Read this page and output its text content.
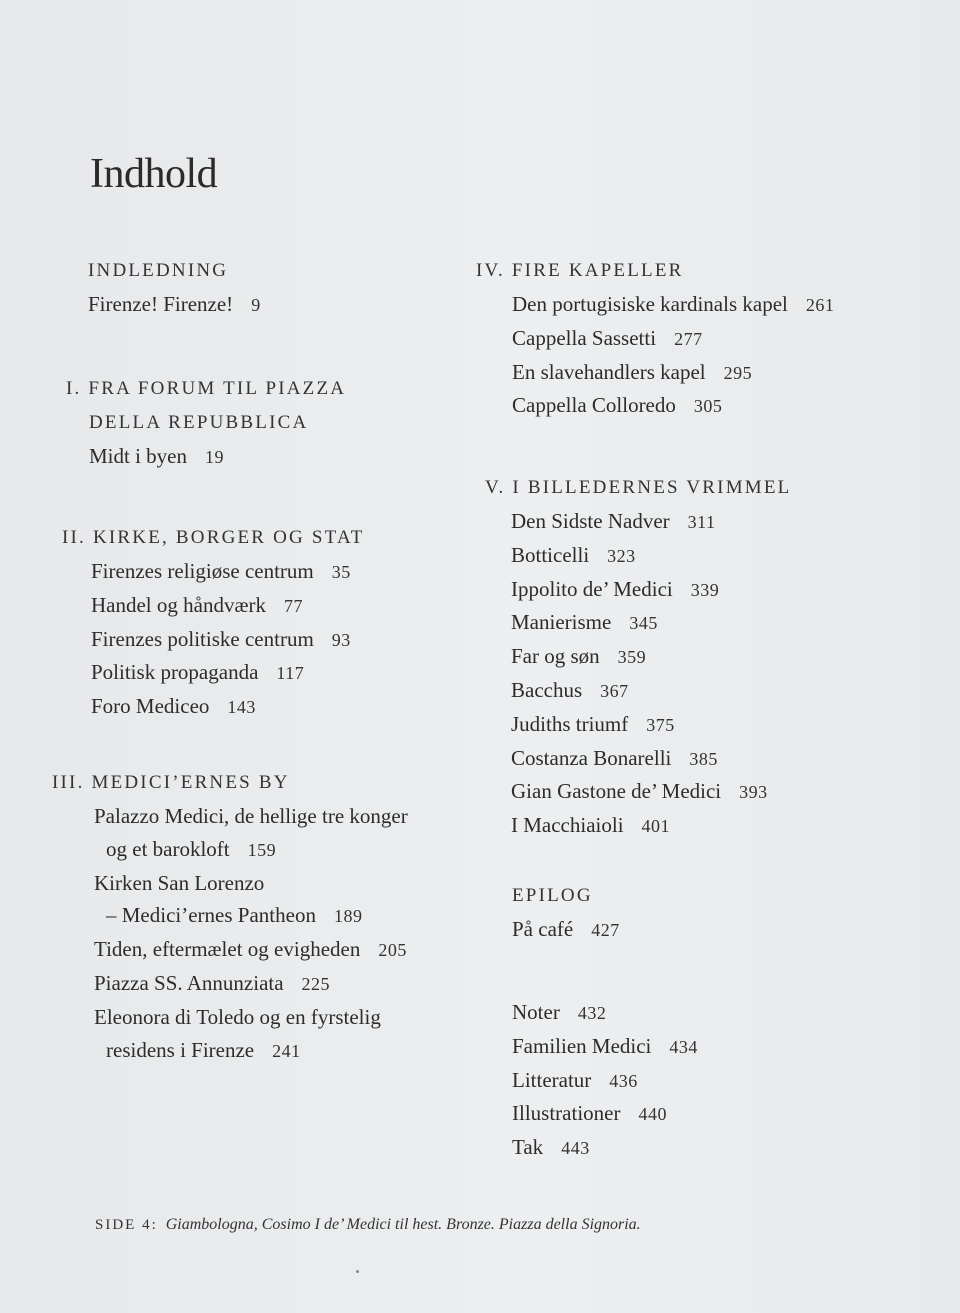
Indhold
INDLEDNING
Firenze! Firenze! 9
I. FRA FORUM TIL PIAZZA
DELLA REPUBBLICA
Midt i byen 19
II. KIRKE, BORGER OG STAT
Firenzes religiøse centrum 35
Handel og håndværk 77
Firenzes politiske centrum 93
Politisk propaganda 117
Foro Mediceo 143
III. MEDICI’ERNES BY
Palazzo Medici, de hellige tre konger
og et barokloft 159
Kirken San Lorenzo
– Medici’ernes Pantheon 189
Tiden, eftermælet og evigheden 205
Piazza SS. Annunziata 225
Eleonora di Toledo og en fyrstelig
residens i Firenze 241
IV. FIRE KAPELLER
Den portugisiske kardinals kapel 261
Cappella Sassetti 277
En slavehandlers kapel 295
Cappella Colloredo 305
V. I BILLEDERNES VRIMMEL
Den Sidste Nadver 311
Botticelli 323
Ippolito de’ Medici 339
Manierisme 345
Far og søn 359
Bacchus 367
Judiths triumf 375
Costanza Bonarelli 385
Gian Gastone de’ Medici 393
I Macchiaioli 401
EPILOG
På café 427
Noter 432
Familien Medici 434
Litteratur 436
Illustrationer 440
Tak 443
SIDE 4: Giambologna, Cosimo I de’ Medici til hest. Bronze. Piazza della Signoria.
